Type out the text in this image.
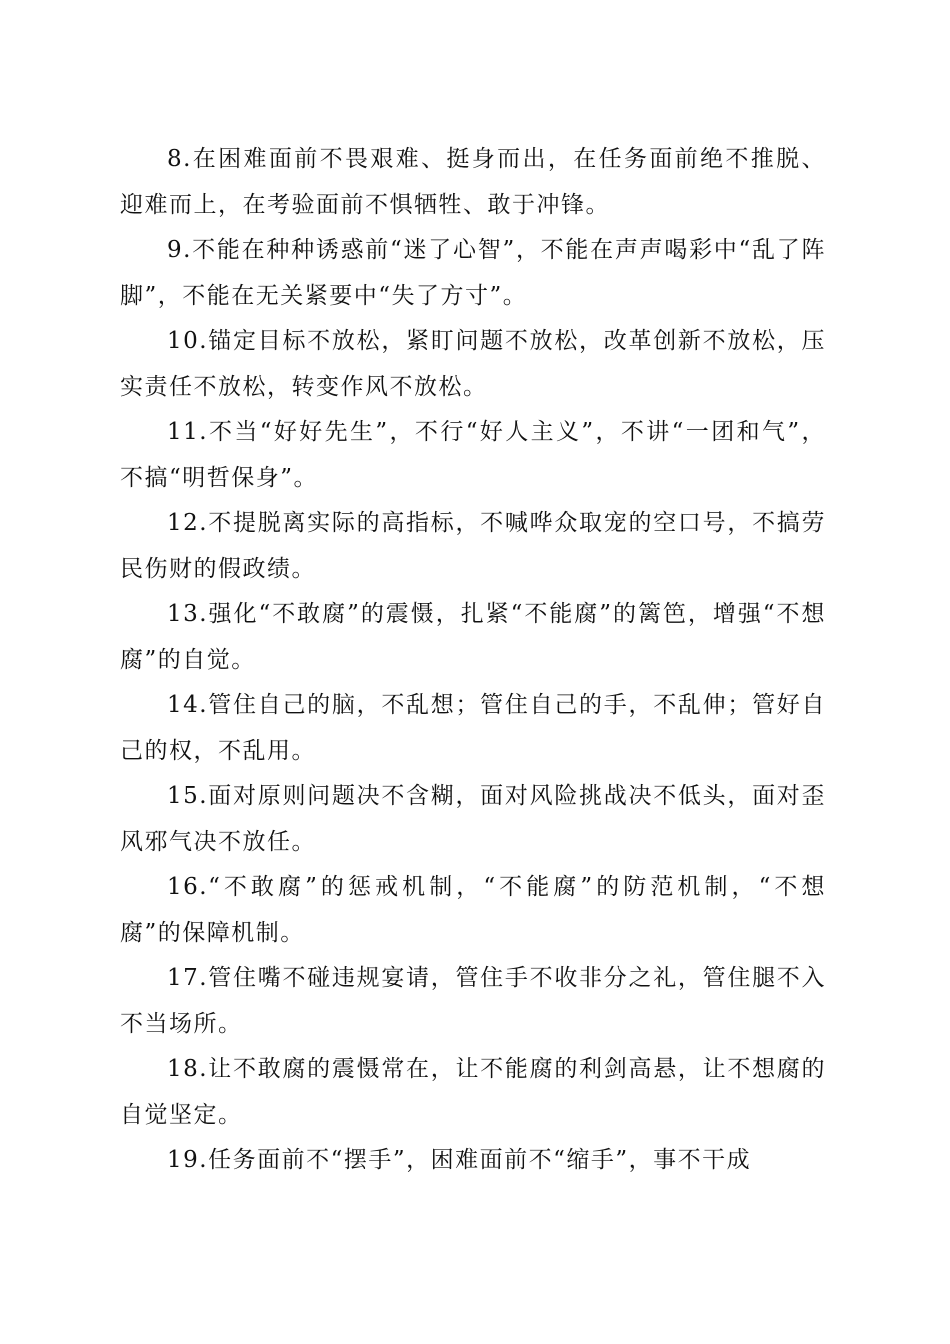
8.在困难面前不畏艰难、挺身而出，在任务面前绝不推脱、迎难而上，在考验面前不惧牺牲、敢于冲锋。

9.不能在种种诱惑前“迷了心智”，不能在声声喝彩中“乱了阵脚”，不能在无关紧要中“失了方寸”。

10.锚定目标不放松，紧盯问题不放松，改革创新不放松，压实责任不放松，转变作风不放松。

11.不当“好好先生”，不行“好人主义”，不讲“一团和气”，不搞“明哲保身”。

12.不提脱离实际的高指标，不喊哗众取宠的空口号，不搞劳民伤财的假政绩。

13.强化“不敢腐”的震慑，扎紧“不能腐”的篱笆，增强“不想腐”的自觉。

14.管住自己的脑，不乱想；管住自己的手，不乱伸；管好自己的权，不乱用。

15.面对原则问题决不含糊，面对风险挑战决不低头，面对歪风邪气决不放任。

16.“不敢腐”的惩戒机制，“不能腐”的防范机制，“不想腐”的保障机制。

17.管住嘴不碰违规宴请，管住手不收非分之礼，管住腿不入不当场所。

18.让不敢腐的震慑常在，让不能腐的利剑高悬，让不想腐的自觉坚定。

19.任务面前不“摆手”，困难面前不“缩手”，事不干成
